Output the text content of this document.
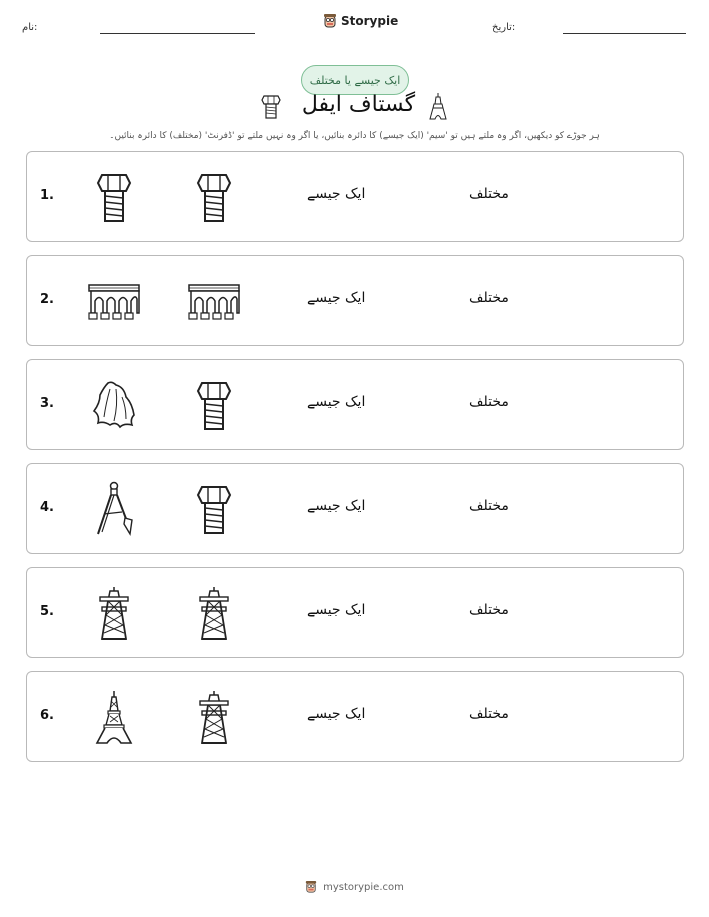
نام:	Storypie	تاریخ:
ایک جیسے یا مختلف
گستاف ایفل
ہر جوڑے کو دیکھیں، اگر وہ ملتے ہیں تو 'سیم' (ایک جیسے) کا دائرہ بنائیں، یا اگر وہ نہیں ملتے تو 'ڈفرنٹ' (مختلف) کا دائرہ بنائیں۔
1.	ایک جیسے	مختلف
2.	ایک جیسے	مختلف
3.	ایک جیسے	مختلف
4.	ایک جیسے	مختلف
5.	ایک جیسے	مختلف
6.	ایک جیسے	مختلف
mystorypie.com
